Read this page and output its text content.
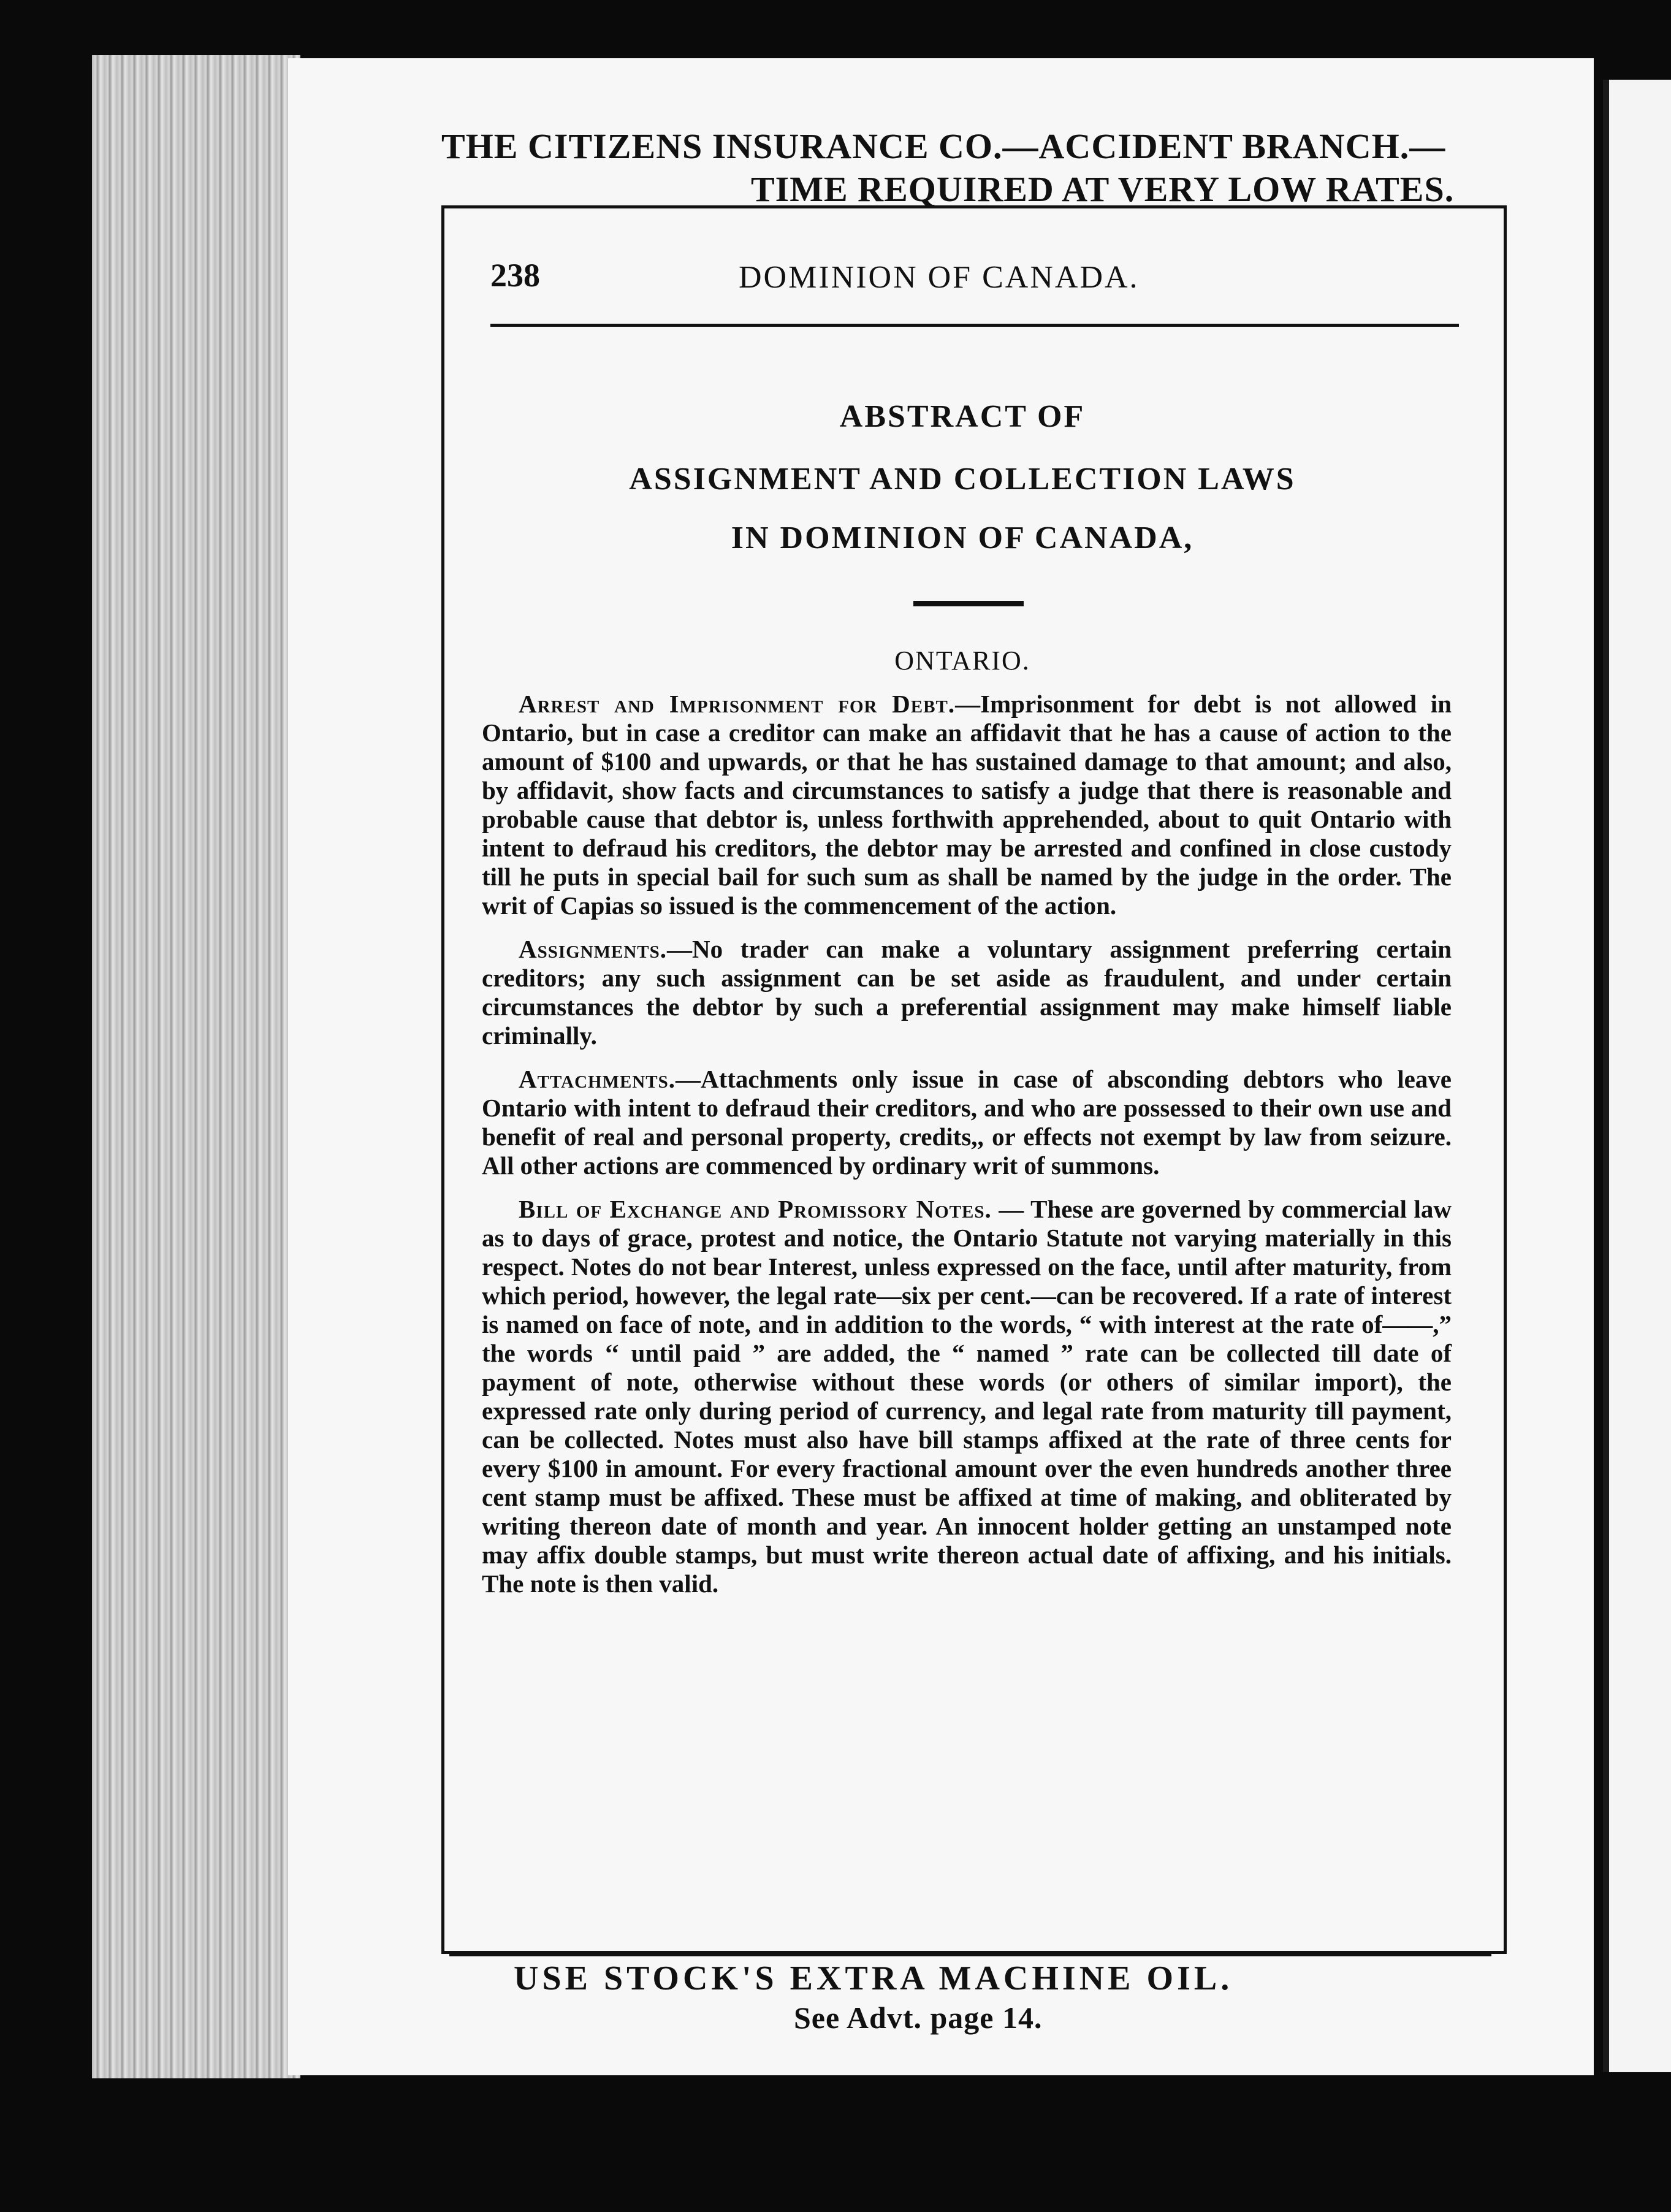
THE CITIZENS INSURANCE CO.—ACCIDENT BRANCH.—
TIME REQUIRED AT VERY LOW RATES.
238	DOMINION OF CANADA.
ABSTRACT OF
ASSIGNMENT AND COLLECTION LAWS
IN DOMINION OF CANADA,
ONTARIO.

Arrest and Imprisonment for Debt.—Imprisonment for debt is not allowed in Ontario, but in case a creditor can make an affidavit that he has a cause of action to the amount of $100 and upwards, or that he has sustained damage to that amount; and also, by affidavit, show facts and circumstances to satisfy a judge that there is reasonable and probable cause that debtor is, unless forthwith apprehended, about to quit Ontario with intent to defraud his creditors, the debtor may be arrested and confined in close custody till he puts in special bail for such sum as shall be named by the judge in the order. The writ of Capias so issued is the commencement of the action.

Assignments.—No trader can make a voluntary assignment preferring certain creditors; any such assignment can be set aside as fraudulent, and under certain circumstances the debtor by such a preferential assignment may make himself liable criminally.

Attachments.—Attachments only issue in case of absconding debtors who leave Ontario with intent to defraud their creditors, and who are possessed to their own use and benefit of real and personal property, credits,, or effects not exempt by law from seizure. All other actions are commenced by ordinary writ of summons.

Bill of Exchange and Promissory Notes. — These are governed by commercial law as to days of grace, protest and notice, the Ontario Statute not varying materially in this respect. Notes do not bear Interest, unless expressed on the face, until after maturity, from which period, however, the legal rate—six per cent.—can be recovered. If a rate of interest is named on face of note, and in addition to the words, “ with interest at the rate of——,” the words ‘‘ until paid ” are added, the “ named ” rate can be collected till date of payment of note, otherwise without these words (or others of similar import), the expressed rate only during period of currency, and legal rate from maturity till payment, can be collected. Notes must also have bill stamps affixed at the rate of three cents for every $100 in amount. For every fractional amount over the even hundreds another three cent stamp must be affixed. These must be affixed at time of making, and obliterated by writing thereon date of month and year. An innocent holder getting an unstamped note may affix double stamps, but must write thereon actual date of affixing, and his initials. The note is then valid.

USE STOCK'S EXTRA MACHINE OIL.
See Advt. page 14.
